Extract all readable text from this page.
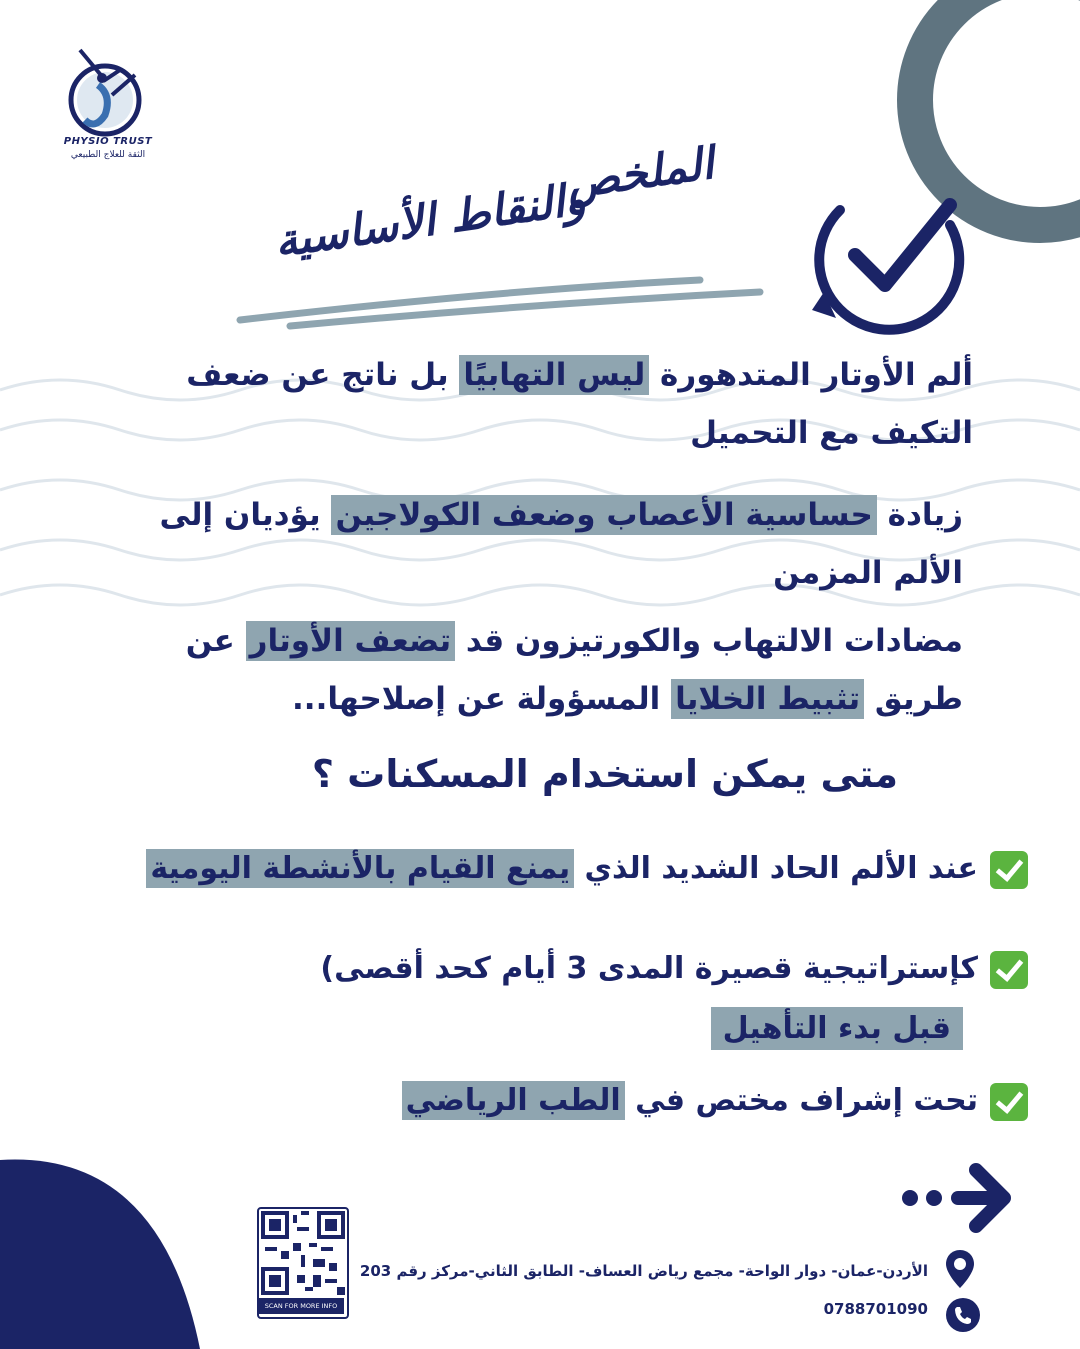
PHYSIO TRUST
الثقة للعلاج الطبيعي	الملخص
والنقاط الأساسية
ألم الأوتار المتدهورة ليس التهابيًا بل ناتج عن ضعف
التكيف مع التحميل
زيادة حساسية الأعصاب وضعف الكولاجين يؤديان إلى
الألم المزمن
مضادات الالتهاب والكورتيزون قد تضعف الأوتار عن
طريق تثبيط الخلايا المسؤولة عن إصلاحها...
متى يمكن استخدام المسكنات ؟
عند الألم الحاد الشديد الذي يمنع القيام بالأنشطة اليومية
كإستراتيجية قصيرة المدى 3 أيام كحد أقصى)
قبل بدء التأهيل
تحت إشراف مختص في الطب الرياضي
SCAN FOR MORE INFO
الأردن-عمان- دوار الواحة- مجمع رياض العساف- الطابق الثاني-مركز رقم 203
0788701090
